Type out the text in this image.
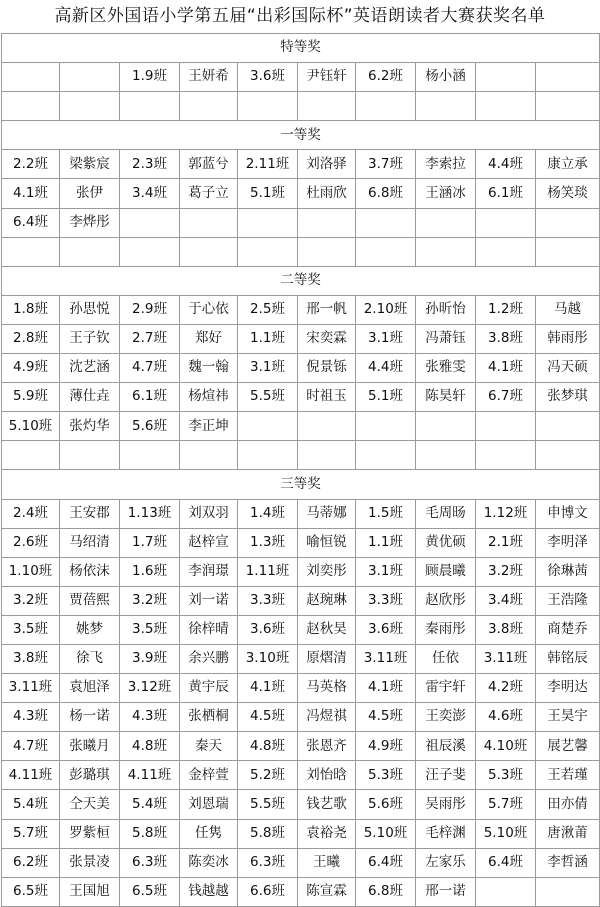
高新区外国语小学第五届“出彩国际杯”英语朗读者大赛获奖名单
特等奖									
		1.9班	王妍希	3.6班	尹钰轩	6.2班	杨小涵		

一等奖									
2.2班	梁紫宸	2.3班	郭蓝兮	2.11班	刘洛驿	3.7班	李索拉	4.4班	康立承
4.1班	张伊	3.4班	葛子立	5.1班	杜雨欣	6.8班	王涵冰	6.1班	杨笑琰
6.4班	李烨彤								

二等奖									
1.8班	孙思悦	2.9班	于心依	2.5班	邢一帆	2.10班	孙昕怡	1.2班	马越
2.8班	王子钦	2.7班	郑好	1.1班	宋奕霖	3.1班	冯萧钰	3.8班	韩雨彤
4.9班	沈艺涵	4.7班	魏一翰	3.1班	倪景铄	4.4班	张雅雯	4.1班	冯天硕
5.9班	薄仕垚	6.1班	杨煊祎	5.5班	时祖玉	5.1班	陈昊轩	6.7班	张梦琪
5.10班	张灼华	5.6班	李正坤						

三等奖									
2.4班	王安郡	1.13班	刘双羽	1.4班	马蒂娜	1.5班	毛周旸	1.12班	申博文
2.6班	马绍清	1.7班	赵梓宣	1.3班	喻恒锐	1.1班	黄优硕	2.1班	李明泽
1.10班	杨依沫	1.6班	李润璟	1.11班	刘奕彤	3.1班	顾晨曦	3.2班	徐琳茜
3.2班	贾蓓熙	3.2班	刘一诺	3.3班	赵琬琳	3.3班	赵欣彤	3.4班	王浩隆
3.5班	姚梦	3.5班	徐梓晴	3.6班	赵秋昊	3.6班	秦雨彤	3.8班	商楚乔
3.8班	徐飞	3.9班	余兴鹏	3.10班	原熠清	3.11班	任依	3.11班	韩铭辰
3.11班	袁旭泽	3.12班	黄宇辰	4.1班	马英格	4.1班	雷宇轩	4.2班	李明达
4.3班	杨一诺	4.3班	张栖桐	4.5班	冯煜祺	4.5班	王奕澎	4.6班	王昊宇
4.7班	张曦月	4.8班	秦天	4.8班	张恩齐	4.9班	祖辰溪	4.10班	展艺馨
4.11班	彭璐琪	4.11班	金梓萱	5.2班	刘怡晗	5.3班	汪子斐	5.3班	王若瑾
5.4班	仝天美	5.4班	刘恩瑞	5.5班	钱艺歌	5.6班	吴雨彤	5.7班	田亦倩
5.7班	罗紫桓	5.8班	任隽	5.8班	袁裕尧	5.10班	毛梓渊	5.10班	唐湫莆
6.2班	张景凌	6.3班	陈奕冰	6.3班	王曦	6.4班	左家乐	6.4班	李哲涵
6.5班	王国旭	6.5班	钱越越	6.6班	陈宣霖	6.8班	邢一诺		
